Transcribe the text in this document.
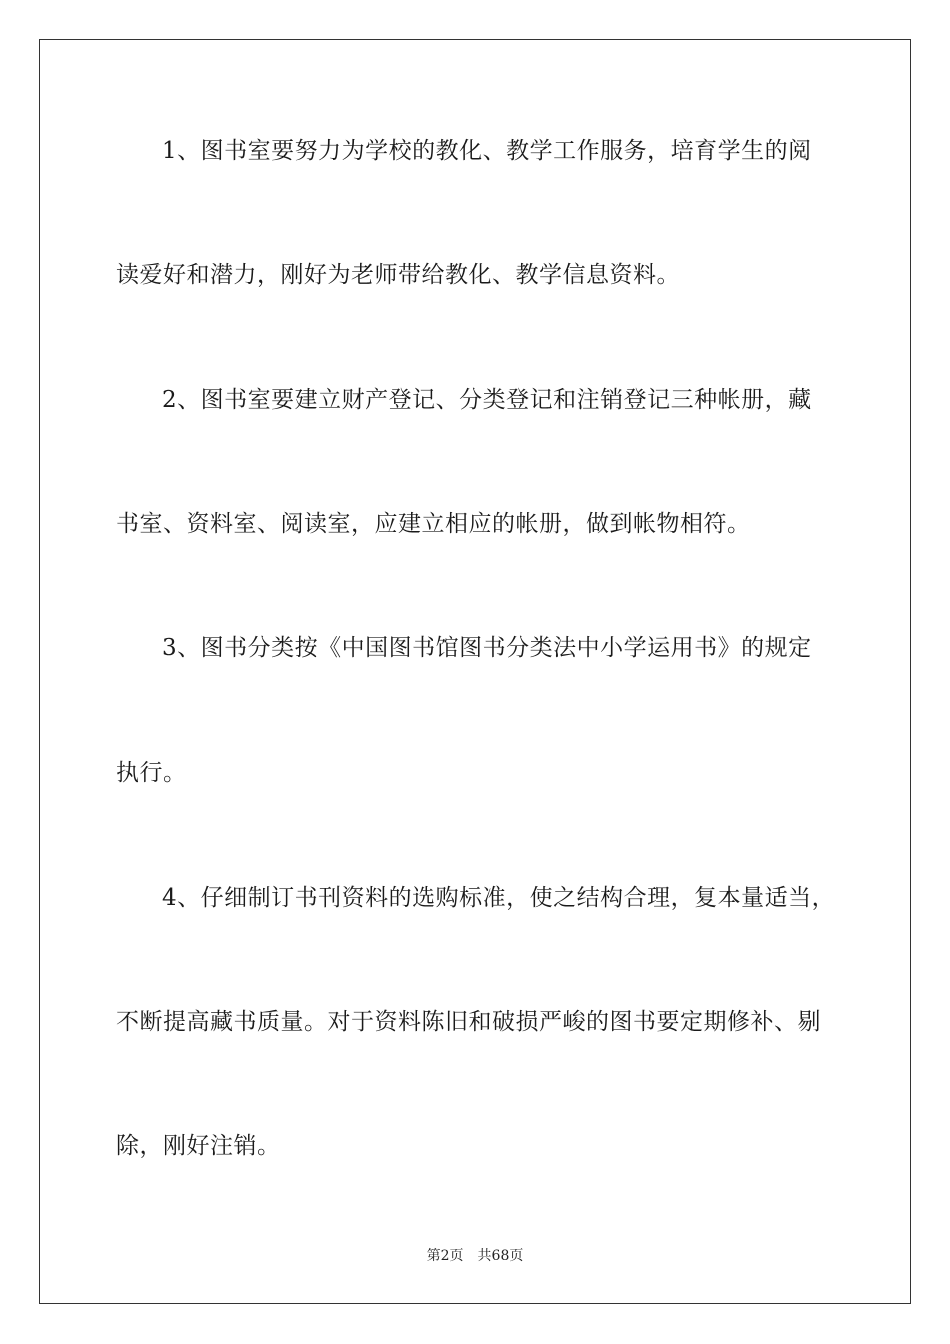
1、图书室要努力为学校的教化、教学工作服务，培育学生的阅
读爱好和潜力，刚好为老师带给教化、教学信息资料。
2、图书室要建立财产登记、分类登记和注销登记三种帐册，藏
书室、资料室、阅读室，应建立相应的帐册，做到帐物相符。
3、图书分类按《中国图书馆图书分类法中小学运用书》的规定
执行。
4、仔细制订书刊资料的选购标准，使之结构合理，复本量适当，
不断提高藏书质量。对于资料陈旧和破损严峻的图书要定期修补、剔
除，刚好注销。
第2页 共68页
